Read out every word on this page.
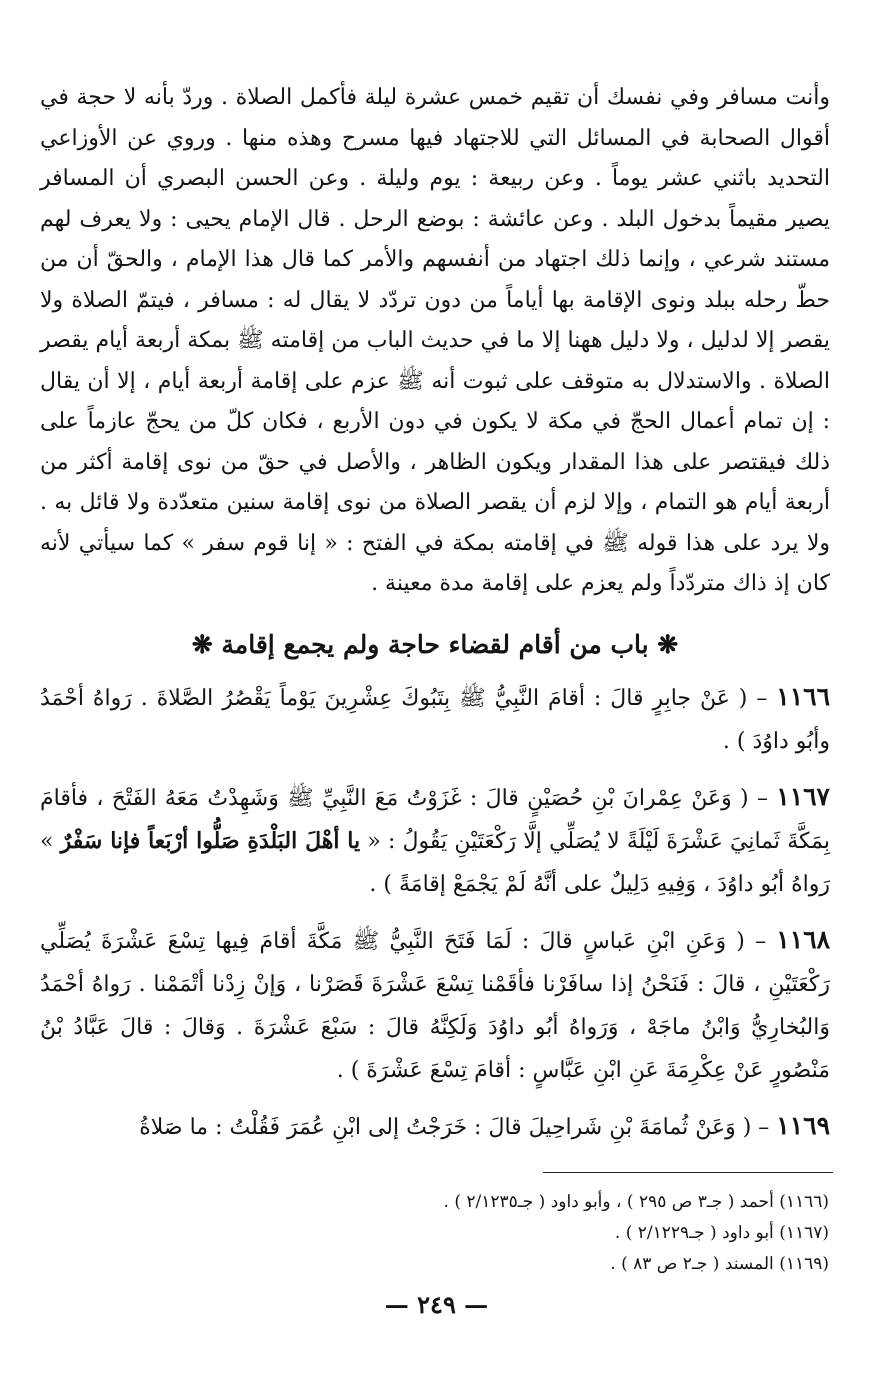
وأنت مسافر وفي نفسك أن تقيم خمس عشرة ليلة فأكمل الصلاة . وردّ بأنه لا حجة في أقوال الصحابة في المسائل التي للاجتهاد فيها مسرح وهذه منها . وروي عن الأوزاعي التحديد باثني عشر يوماً . وعن ربيعة : يوم وليلة . وعن الحسن البصري أن المسافر يصير مقيماً بدخول البلد . وعن عائشة : بوضع الرحل . قال الإمام يحيى : ولا يعرف لهم مستند شرعي ، وإنما ذلك اجتهاد من أنفسهم والأمر كما قال هذا الإمام ، والحقّ أن من حطّ رحله ببلد ونوى الإقامة بها أياماً من دون تردّد لا يقال له : مسافر ، فيتمّ الصلاة ولا يقصر إلا لدليل ، ولا دليل ههنا إلا ما في حديث الباب من إقامته ﷺ بمكة أربعة أيام يقصر الصلاة . والاستدلال به متوقف على ثبوت أنه ﷺ عزم على إقامة أربعة أيام ، إلا أن يقال : إن تمام أعمال الحجّ في مكة لا يكون في دون الأربع ، فكان كلّ من يحجّ عازماً على ذلك فيقتصر على هذا المقدار ويكون الظاهر ، والأصل في حقّ من نوى إقامة أكثر من أربعة أيام هو التمام ، وإلا لزم أن يقصر الصلاة من نوى إقامة سنين متعدّدة ولا قائل به . ولا يرد على هذا قوله ﷺ في إقامته بمكة في الفتح : « إنا قوم سفر » كما سيأتي لأنه كان إذ ذاك متردّداً ولم يعزم على إقامة مدة معينة .

❋ باب من أقام لقضاء حاجة ولم يجمع إقامة ❋

١١٦٦ – ( عَنْ جابِرٍ قالَ : أقامَ النَّبِيُّ ﷺ بِتَبُوكَ عِشْرِينَ يَوْماً يَقْصُرُ الصَّلاةَ . رَواهُ أحْمَدُ وأبُو داوُدَ ) .

١١٦٧ – ( وَعَنْ عِمْرانَ بْنِ حُصَيْنٍ قالَ : غَزَوْتُ مَعَ النَّبِيِّ ﷺ وَشَهِدْتُ مَعَهُ الفَتْحَ ، فأقامَ بِمَكَّةَ ثَمانِيَ عَشْرَةَ لَيْلَةً لا يُصَلِّي إلَّا رَكْعَتَيْنِ يَقُولُ : « يا أهْلَ البَلْدَةِ صَلُّوا أرْبَعاً فإنا سَفْرٌ » رَواهُ أبُو داوُدَ ، وَفِيهِ دَلِيلٌ على أنَّهُ لَمْ يَجْمَعْ إقامَةً ) .

١١٦٨ – ( وَعَنِ ابْنِ عَباسٍ قالَ : لَمَا فَتَحَ النَّبِيُّ ﷺ مَكَّةَ أقامَ فِيها تِسْعَ عَشْرَةَ يُصَلِّي رَكْعَتَيْنِ ، قالَ : فَنَحْنُ إذا سافَرْنا فأقَمْنا تِسْعَ عَشْرَةَ قَصَرْنا ، وَإنْ زِدْنا أتْمَمْنا . رَواهُ أحْمَدُ وَالبُخارِيُّ وَابْنُ ماجَهْ ، وَرَواهُ أبُو داوُدَ وَلَكِنَّهُ قالَ : سَبْعَ عَشْرَةَ . وَقالَ : قالَ عَبَّادُ بْنُ مَنْصُورٍ عَنْ عِكْرِمَةَ عَنِ ابْنِ عَبَّاسٍ : أقامَ تِسْعَ عَشْرَةَ ) .

١١٦٩ – ( وَعَنْ ثُمامَةَ بْنِ شَراحِيلَ قالَ : خَرَجْتُ إلى ابْنِ عُمَرَ فَقُلْتُ : ما صَلاةُ

(١١٦٦) أحمد ( جـ٣ ص ٢٩٥ ) ، وأبو داود ( جـ٢/١٢٣٥ ) .

(١١٦٧) أبو داود ( جـ٢/١٢٢٩ ) .

(١١٦٩) المسند ( جـ٢ ص ٨٣ ) .

— ٢٤٩ —
